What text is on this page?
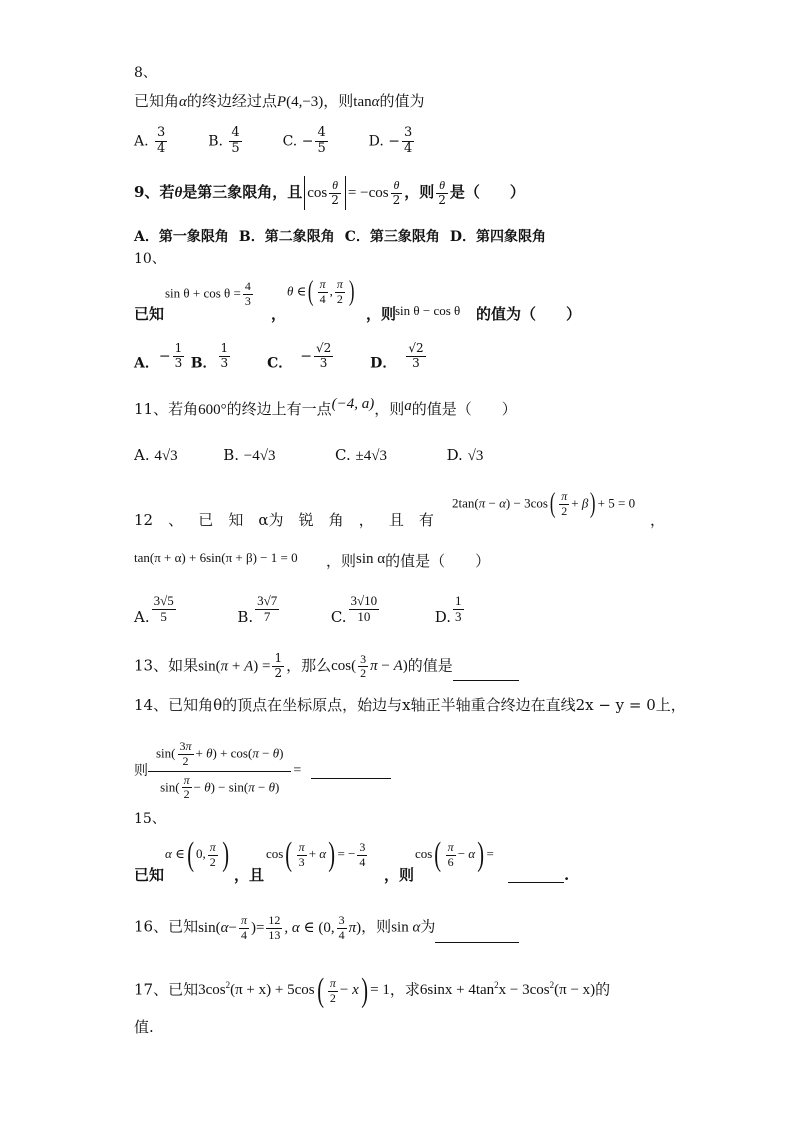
8、
已知角α的终边经过点P(4,−3)，则tanα的值为
A. $\frac{3}{4}$	B. $\frac{4}{5}$	C. − $\frac{4}{5}$	D. − $\frac{3}{4}$
9、若θ是第三象限角，且 $\cos \frac{\theta}{2} = -\cos \frac{\theta}{2}$ ，则 $\frac{\theta}{2}$ 是（　　）
A．第一象限角 B．第二象限角 C．第三象限角 D．第四象限角
10、
已知
$\sin \theta + \cos \theta = \frac{4}{3}$
，
θ ∈( $\frac{\pi}{4}$ , $\frac{\pi}{2}$ )
，则
sin θ − cos θ 的值为（　　）
A．− $\frac{1}{3}$ B． $\frac{1}{3}$	C． − $\frac{√2}{3}$	D． $\frac{√2}{3}$
11、若角600°的终边上有一点(−4, a)，则a的值是（　　）
A. 4√3	B. −4√3	C. ±4√3	D. √3
12 、 已 知 α为 锐 角 ， 且 有
$2\tan(\pi - \alpha) - 3\cos( \frac{\pi}{2} + \beta) + 5 = 0$
，
tan(π + α) + 6sin(π + β) − 1 = 0 ，则sin α的值是（　　）
A. $\frac{3√5}{5}$	B. $\frac{3√7}{7}$	C. $\frac{3√10}{10}$	D. $\frac{1}{3}$
13、如果$\sin(\pi + A) = \frac{1}{2}$ ，那么$\cos( \frac{3}{2}$ π − A)的值是
14、已知角θ的顶点在坐标原点，始边与x轴正半轴重合终边在直线2x − y = 0上，
则 $\frac{\sin( \frac{3\pi}{2} + \theta) + \cos(\pi - \theta)}{\sin( \frac{\pi}{2} - \theta) - \sin(\pi - \theta)}$ =
15、
已知
α ∈( 0, $\frac{\pi}{2}$ )
，且
$\cos( \frac{\pi}{3} + \alpha)$ = − $\frac{3}{4}$
，则
$\cos( \frac{\pi}{6} - \alpha)$ =
.
16、已知$\sin(\alpha- \frac{\pi}{4}$ )= $\frac{12}{13}$ , α ∈ (0, $\frac{3}{4} \pi$)，则sin α为
17、已知$3\cos^2(\pi + x) + 5\cos( \frac{\pi}{2} - x) = 1$，求$6\sin x + 4\tan^2x - 3\cos^2(\pi - x)$的
值.
